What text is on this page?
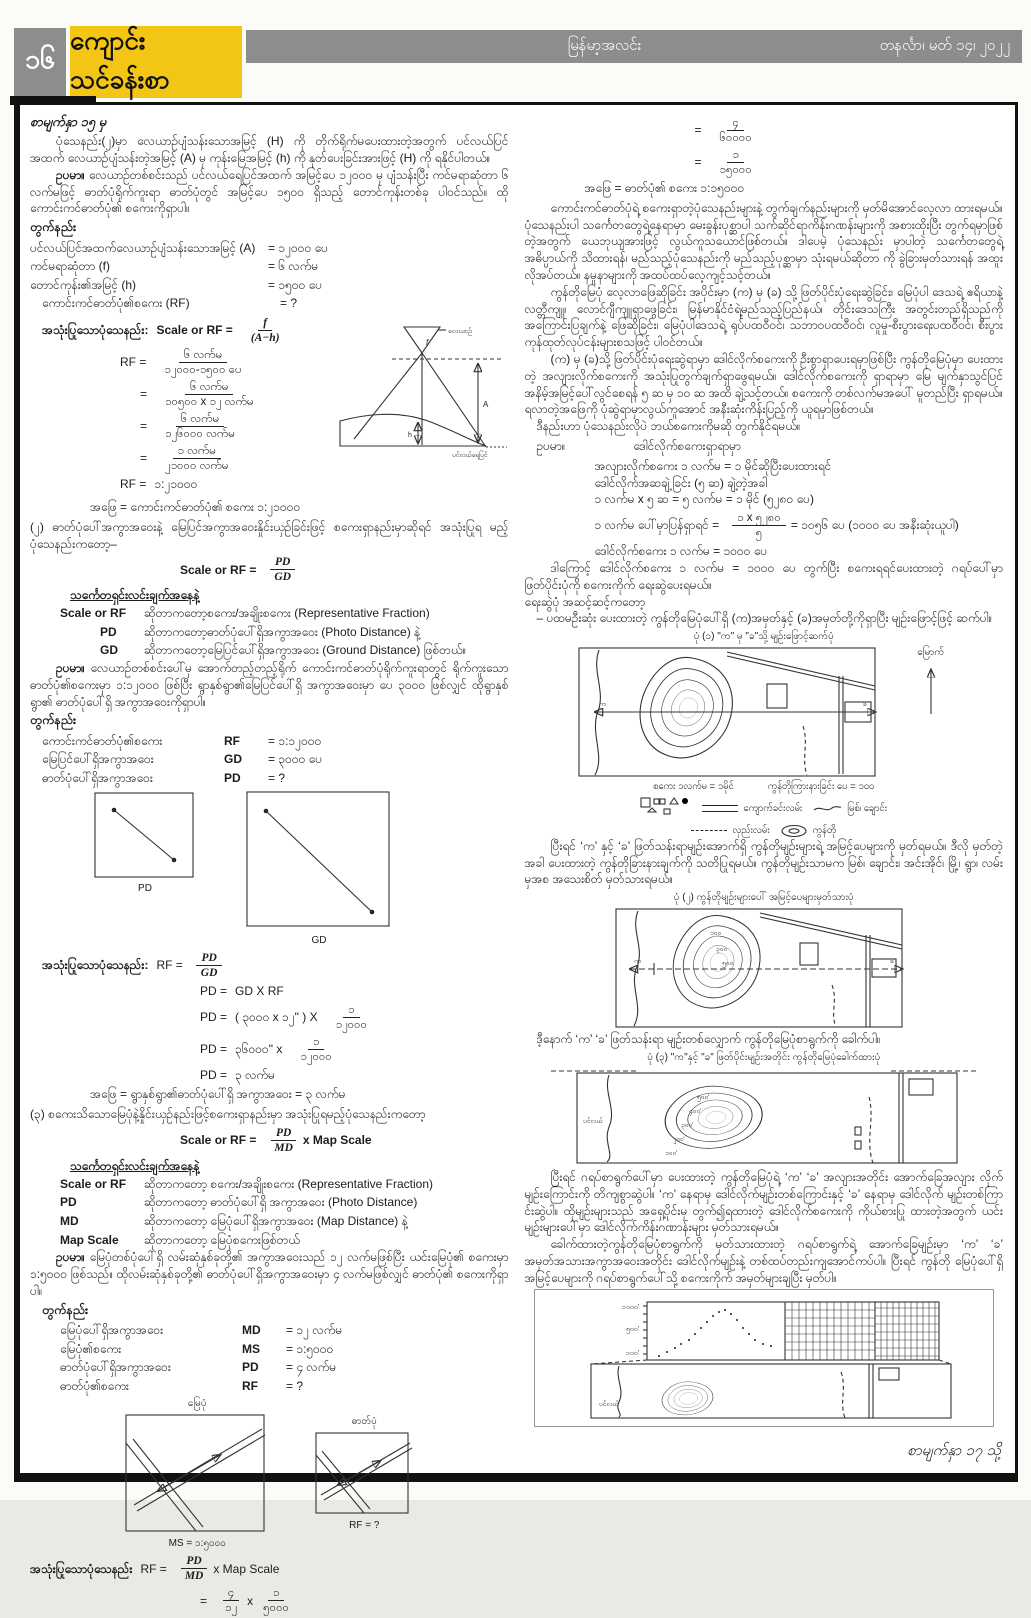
၁၆
ကျောင်းသင်ခန်းစာ
မြန်မာ့အလင်း	တနင်္လာ၊ မတ် ၁၄၊ ၂၀၂၂
စာမျက်နှာ ၁၅ မှ

ပုံသေနည်း(၂)မှာ လေယာဉ်ပျံသန်းသောအမြင့် (H) ကို တိုက်ရိုက်မပေးထားတဲ့အတွက် ပင်လယ်ပြင် အထက် လေယာဉ်ပျံသန်းတဲ့အမြင့် (A) မှ ကုန်းမြေအမြင့် (h) ကို နုတ်ပေးခြင်းအားဖြင့် (H) ကို ရနိုင်ပါတယ်။

ဥပမာ။ လေယာဉ်တစ်စင်းသည် ပင်လယ်ရေပြင်အထက် အမြင့်ပေ ၁၂၀၀၀ မှ ပျံသန်းပြီး ကင်မရာဆုံတာ ၆ လက်မဖြင့် ဓာတ်ပုံရိုက်ကူးရာ ဓာတ်ပုံတွင် အမြင့်ပေ ၁၅၀၀ ရှိသည့် တောင်ကုန်းတစ်ခု ပါဝင်သည်။ ထိုကောင်းကင်ဓာတ်ပုံ၏ စကေးကိုရှာပါ။

တွက်နည်း
ပင်လယ်ပြင်အထက်လေယာဉ်ပျံသန်းသောအမြင့် (A)	= ၁၂၀၀၀ ပေ
ကင်မရာဆုံတာ (f)	= ၆ လက်မ
တောင်ကုန်း၏အမြင့် (h)	= ၁၅၀၀ ပေ
ကောင်းကင်ဓာတ်ပုံ၏စကေး (RF)	= ?
အသုံးပြုသောပုံသေနည်း: Scale or RF = $\frac{f}{(A-h)}$
RF = $\frac{\text{၆ လက်မ}}{\text{၁၂၀၀၀-၁၅၀၀ ပေ}}$
= $\frac{\text{၆ လက်မ}}{\text{၁၀၅၀၀ x ၁၂ လက်မ}}$
= $\frac{\text{၆ လက်မ}}{\text{၁၂၆၀၀၀ လက်မ}}$
= $\frac{\text{၁ လက်မ}}{\text{၂၁၀၀၀ လက်မ}}$
RF = ၁:၂၁၀၀၀
လေယာဉ်
f
A
h
ပင်လယ်ရေပြင်
အဖြေ = ကောင်းကင်ဓာတ်ပုံ၏ စကေး ၁:၂၁၀၀၀

(၂) ဓာတ်ပုံပေါ်အကွာအဝေးနဲ့ မြေပြင်အကွာအဝေးနှိုင်းယှဉ်ခြင်းဖြင့် စကေးရှာနည်းမှာဆိုရင် အသုံးပြုရ မည့် ပုံသေနည်းကတော့–

Scale or RF = $\frac{PD}{GD}$
သင်္ကေတရှင်းလင်းချက်အနေနဲ့
Scale or RF	ဆိုတာကတော့စကေး/အချိုးစကေး (Representative Fraction)
PD	ဆိုတာကတော့ဓာတ်ပုံပေါ်ရှိအကွာအဝေး (Photo Distance) နဲ့
GD	ဆိုတာကတော့မြေပြင်ပေါ်ရှိအကွာအဝေး (Ground Distance) ဖြစ်တယ်။

ဥပမာ။ လေယာဉ်တစ်စင်းပေါ်မှ အောက်တည့်တည့်ရိုက် ကောင်းကင်ဓာတ်ပုံရိုက်ကူးရာတွင် ရိုက်ကူးသော ဓာတ်ပုံ၏စကေးမှာ ၁:၁၂၀၀၀ ဖြစ်ပြီး ရွာနှစ်ရွာ၏မြေပြင်ပေါ်ရှိ အကွာအဝေးမှာ ပေ ၃၀၀၀ ဖြစ်လျှင် ထိုရွာနှစ်ရွာ၏ ဓာတ်ပုံပေါ်ရှိ အကွာအဝေးကိုရှာပါ။

တွက်နည်း
ကောင်းကင်ဓာတ်ပုံ၏စကေး	RF	= ၁:၁၂၀၀၀
မြေပြင်ပေါ်ရှိအကွာအဝေး	GD	= ၃၀၀၀ ပေ
ဓာတ်ပုံပေါ်ရှိအကွာအဝေး	PD	= ?
PD
GD
အသုံးပြုသောပုံသေနည်း: RF = $\frac{PD}{GD}$
PD = GD X RF
PD = ( ၃၀၀၀ x ၁၂" ) X $\frac{၁}{၁၂၀၀၀}$
PD = ၃၆၀၀၀" x $\frac{၁}{၁၂၀၀၀}$
PD = ၃ လက်မ
အဖြေ = ရွာနှစ်ရွာ၏ဓာတ်ပုံပေါ်ရှိ အကွာအဝေး = ၃ လက်မ

(၃) စကေးသိသောမြေပုံနဲ့နှိုင်းယှဉ်နည်းဖြင့်စကေးရှာနည်းမှာ အသုံးပြုရမည့်ပုံသေနည်းကတော့

Scale or RF = $\frac{PD}{MD}$ x Map Scale
သင်္ကေတရှင်းလင်းချက်အနေနဲ့
Scale or RF	ဆိုတာကတော့ စကေး/အချိုးစကေး (Representative Fraction)
PD	ဆိုတာကတော့ ဓာတ်ပုံပေါ်ရှိ အကွာအဝေး (Photo Distance)
MD	ဆိုတာကတော့ မြေပုံပေါ်ရှိအကွာအဝေး (Map Distance) နဲ့
Map Scale	ဆိုတာကတော့ မြေပုံစကေးဖြစ်တယ်

ဥပမာ။ မြေပုံတစ်ပုံပေါ်ရှိ လမ်းဆုံနှစ်ခုတို့၏ အကွာအဝေးသည် ၁၂ လက်မဖြစ်ပြီး ယင်းမြေပုံ၏ စကေးမှာ ၁:၅၀၀၀ ဖြစ်သည်။ ထိုလမ်းဆုံနှစ်ခုတို့၏ ဓာတ်ပုံပေါ်ရှိအကွာအဝေးမှာ ၄ လက်မဖြစ်လျှင် ဓာတ်ပုံ၏ စကေးကိုရှာပါ။

တွက်နည်း
မြေပုံပေါ်ရှိအကွာအဝေး	MD	= ၁၂ လက်မ
မြေပုံ၏စကေး	MS	= ၁:၅၀၀၀
ဓာတ်ပုံပေါ်ရှိအကွာအဝေး	PD	= ၄ လက်မ
ဓာတ်ပုံ၏စကေး	RF	= ?
မြေပုံ
MS = ၁:၅၀၀၀
ဓာတ်ပုံ
RF = ?
အသုံးပြုသောပုံသေနည်း RF = $\frac{PD}{MD}$ x Map Scale
= $\frac{၄}{၁၂}$ x $\frac{၁}{၅၀၀၀}$
= $\frac{၄}{၆၀၀၀၀}$
= $\frac{၁}{၁၅၀၀၀}$
အဖြေ = ဓာတ်ပုံ၏ စကေး ၁:၁၅၀၀၀

ကောင်းကင်ဓာတ်ပုံရဲ့ စကေးရှာတဲ့ပုံသေနည်းများနဲ့ တွက်ချက်နည်းများကို မှတ်မိအောင်လေ့လာ ထားရမယ်။ ပုံသေနည်းပါ သင်္ကေတတွေရဲ့နေရာမှာ မေးခွန်းပုစ္ဆာပါ သက်ဆိုင်ရာကိန်းဂဏန်းများကို အစားထိုးပြီး တွက်ရမှာဖြစ်တဲ့အတွက် ယေဘုယျအားဖြင့် လွယ်ကူသယောင်ဖြစ်တယ်။ ဒါပေမဲ့ ပုံသေနည်း မှာပါတဲ့ သင်္ကေတတွေရဲ့ အဓိပ္ပာယ်ကို သိထားရန်၊ မည်သည့်ပုံသေနည်းကို မည်သည့်ပုစ္ဆာမှာ သုံးရမယ်ဆိုတာ ကို ခွဲခြားမှတ်သားရန် အထူးလိုအပ်တယ်။ နမူနာများကို အထပ်ထပ်လေ့ကျင့်သင့်တယ်။

ကွန်တိုမြေပုံ လေ့လာဖြေဆိုခြင်း အပိုင်းမှာ (က) မှ (ခ) သို့ ဖြတ်ပိုင်းပုံရေးဆွဲခြင်း၊ မြေပုံပါ ဒေသရဲ့ ဧရိယာနဲ့လတ္တီကျူ၊ လောင်ဂျီကျူရှာဖွေခြင်း၊ မြန်မာနိုင်ငံရဲ့မည်သည့်ပြည်နယ်၊ တိုင်းဒေသကြီး အတွင်းတည်ရှိသည်ကို အကြောင်းပြချက်နဲ့ ဖြေဆိုခြင်း၊ မြေပုံပါဒေသရဲ့ ရုပ်ပထဝီဝင်၊ သဘာဝပထဝီဝင်၊ လူမှု-စီးပွားရေးပထဝီဝင်၊ စီးပွားကုန်ထုတ်လုပ်ငန်းများစသဖြင့် ပါဝင်တယ်။

(က) မှ (ခ)သို့ ဖြတ်ပိုင်းပုံရေးဆွဲရာမှာ ဒေါင်လိုက်စကေးကို ဦးစွာရှာပေးရမှာဖြစ်ပြီး ကွန်တိုမြေပုံမှာ ပေးထားတဲ့ အလျားလိုက်စကေးကို အသုံးပြုတွက်ချက်ရှာဖွေရမယ်။ ဒေါင်လိုက်စကေးကို ရှာရာမှာ မြေ မျက်နှာသွင်ပြင် အနိမ့်အမြင့်ပေါ်လွင်စေရန် ၅ ဆ မှ ၁၀ ဆ အထိ ချဲ့သင့်တယ်။ စကေးကို တစ်လက်မအပေါ် မူတည်ပြီး ရှာရမယ်။ ရလာတဲ့အဖြေကို ပုံဆွဲရာမှာလွယ်ကူအောင် အနီးဆုံးကိန်းပြည့်ကို ယူရမှာဖြစ်တယ်။

ဒီနည်းဟာ ပုံသေနည်းလိုပဲ ဘယ်စကေးကိုမဆို တွက်နိုင်ရမယ်။

ဥပမာ။	ဒေါင်လိုက်စကေးရှာရာမှာ
အလျားလိုက်စကေး ၁ လက်မ = ၁ မိုင်ဆိုပြီးပေးထားရင်
ဒေါင်လိုက်အဆချဲ့ခြင်း (၅ ဆ) ချဲ့တဲ့အခါ
၁ လက်မ x ၅ ဆ = ၅ လက်မ = ၁ မိုင် (၅၂၈၀ ပေ)
၁ လက်မ ပေါ်မှာပြန်ရှာရင် = $\frac{၁ x ၅၂၈၀}{၅}$ = ၁၀၅၆ ပေ (၁၀၀၀ ပေ အနီးဆုံးယူပါ)
ဒေါင်လိုက်စကေး ၁ လက်မ = ၁၀၀၀ ပေ

ဒါကြောင့် ဒေါင်လိုက်စကေး ၁ လက်မ = ၁၀၀၀ ပေ တွက်ပြီး စကေးရရင်ပေးထားတဲ့ ဂရပ်ပေါ်မှာ ဖြတ်ပိုင်းပုံကို စကေးကိုက် ရေးဆွဲပေးရမယ်။

ရေးဆွဲပုံ အဆင့်ဆင့်ကတော့

– ပထမဦးဆုံး ပေးထားတဲ့ ကွန်တိုမြေပုံပေါ်ရှိ (က)အမှတ်နှင့် (ခ)အမှတ်တို့ကိုရှာပြီး မျဉ်းဖြောင့်ဖြင့် ဆက်ပါ။

ပုံ (၁) "က" မှ "ခ"သို့ မျဉ်းဖြောင့်ဆက်ပုံ
က	ခ
မြောက်
စကေး ၁လက်မ = ၁မိုင်	ကွန်တိုကြားနားခြင်း ပေ = ၁၀၀
ကျောက်ခင်းလမ်း	မြစ်၊ ချောင်း
လှည်းလမ်း	ကွန်တို

ပြီးရင် ‘က’ နှင့် ‘ခ’ ဖြတ်သန်းရာမျဉ်းအောက်ရှိ ကွန်တိုမျဉ်းများရဲ့ အမြင့်ပေများကို မှတ်ရမယ်။ ဒီလို မှတ်တဲ့အခါ ပေးထားတဲ့ ကွန်တိုခြားနားချက်ကို သတိပြုရမယ်။ ကွန်တိုမျဉ်းသာမက မြစ်၊ ချောင်း၊ အင်းအိုင်၊ မြို့၊ ရွာ၊ လမ်းမှအစ အသေးစိတ် မှတ်သားရမယ်။

ပုံ (၂) ကွန်တိုမျဉ်းများပေါ် အမြင့်ပေများမှတ်သားပုံ
၁၀၀
၃၀၀
၅၀၀
က	ခ

ဒီ့နောက် ‘က’ ‘ခ’ ဖြတ်သန်းရာ မျဉ်းတစ်လျှောက် ကွန်တိုမြေပုံစာရွက်ကို ခေါက်ပါ။

ပုံ (၃) "က"နှင့် "ခ" ဖြတ်ပိုင်းမျဉ်းအတိုင်း ကွန်တိုမြေပုံခေါက်ထားပုံ
၅၀၀'
၄၀၀'
၃၀၀'
၂၀၀'
၁၀၀'
ပင်လယ်

ပြီးရင် ဂရပ်စာရွက်ပေါ်မှာ ပေးထားတဲ့ ကွန်တိုမြေပုံရဲ့ ‘က’ ‘ခ’ အလျားအတိုင်း အောက်ခြေအလျား လိုက်မျဉ်းကြောင်းကို တိကျစွာဆွဲပါ။ ‘က’ နေရာမှ ဒေါင်လိုက်မျဉ်းတစ်ကြောင်းနှင့် ‘ခ’ နေရာမှ ဒေါင်လိုက် မျဉ်းတစ်ကြာင်းဆွဲပါ။ ထိုမျဉ်းများသည် အရှေ့ပိုင်းမှ တွက်၍ရထားတဲ့ ဒေါင်လိုက်စကေးကို ကိုယ်စားပြု ထားတဲ့အတွက် ယင်းမျဉ်းများပေါ်မှာ ဒေါင်လိုက်ကိန်းဂဏာန်းများ မှတ်သားရမယ်။

ခေါက်ထားတဲ့ကွန်တိုမြေပုံစာရွက်ကို မှတ်သားထားတဲ့ ဂရပ်စာရွက်ရဲ့ အောက်ခြေမျဉ်းမှာ ‘က’ ‘ခ’ အမှတ်အသားအကွာအဝေးအတိုင်း ဒေါင်လိုက်မျဉ်းနဲ့ တစ်ထပ်တည်းကျအောင်ကပ်ပါ။ ပြီးရင် ကွန်တို မြေပုံပေါ်ရှိ အမြင့်ပေများကို ဂရပ်စာရွက်ပေါ်သို့ စကေးကိုက် အမှတ်များချပြီး မှတ်ပါ။

၁၀၀၀'
၅၀၀'
၁၀၀'
ပင်လယ်
စာမျက်နှာ ၁၇ သို့
